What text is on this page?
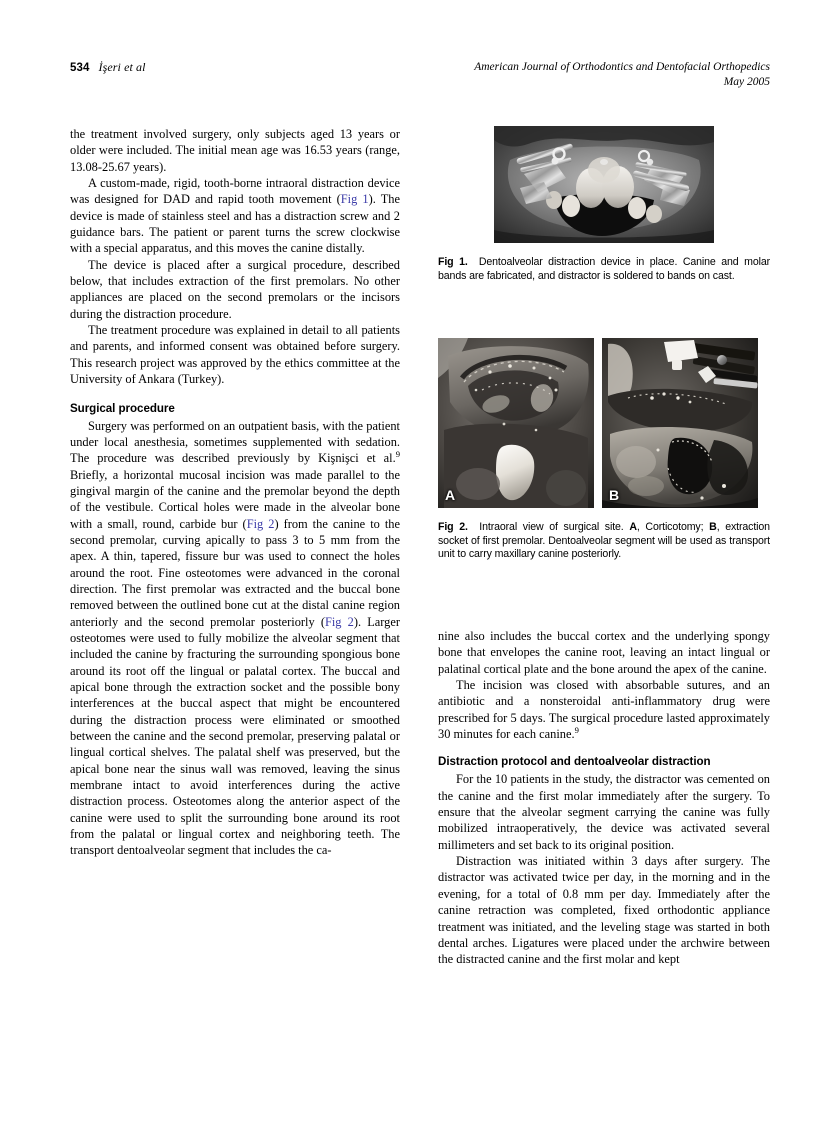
534 İşeri et al	American Journal of Orthodontics and Dentofacial Orthopedics
May 2005

the treatment involved surgery, only subjects aged 13 years or older were included. The initial mean age was 16.53 years (range, 13.08-25.67 years).

A custom-made, rigid, tooth-borne intraoral distraction device was designed for DAD and rapid tooth movement (Fig 1). The device is made of stainless steel and has a distraction screw and 2 guidance bars. The patient or parent turns the screw clockwise with a special apparatus, and this moves the canine distally.

The device is placed after a surgical procedure, described below, that includes extraction of the first premolars. No other appliances are placed on the second premolars or the incisors during the distraction procedure.

The treatment procedure was explained in detail to all patients and parents, and informed consent was obtained before surgery. This research project was approved by the ethics committee at the University of Ankara (Turkey).

Surgical procedure

Surgery was performed on an outpatient basis, with the patient under local anesthesia, sometimes supplemented with sedation. The procedure was described previously by Kişnişci et al.$^9$ Briefly, a horizontal mucosal incision was made parallel to the gingival margin of the canine and the premolar beyond the depth of the vestibule. Cortical holes were made in the alveolar bone with a small, round, carbide bur (Fig 2) from the canine to the second premolar, curving apically to pass 3 to 5 mm from the apex. A thin, tapered, fissure bur was used to connect the holes around the root. Fine osteotomes were advanced in the coronal direction. The first premolar was extracted and the buccal bone removed between the outlined bone cut at the distal canine region anteriorly and the second premolar posteriorly (Fig 2). Larger osteotomes were used to fully mobilize the alveolar segment that included the canine by fracturing the surrounding spongious bone around its root off the lingual or palatal cortex. The buccal and apical bone through the extraction socket and the possible bony interferences at the buccal aspect that might be encountered during the distraction process were eliminated or smoothed between the canine and the second premolar, preserving palatal or lingual cortical shelves. The palatal shelf was preserved, but the apical bone near the sinus wall was removed, leaving the sinus membrane intact to avoid interferences during the active distraction process. Osteotomes along the anterior aspect of the canine were used to split the surrounding bone around its root from the palatal or lingual cortex and neighboring teeth. The transport dentoalveolar segment that includes the ca-

Fig 1. Dentoalveolar distraction device in place. Canine and molar bands are fabricated, and distractor is soldered to bands on cast.
A	B
Fig 2. Intraoral view of surgical site. A, Corticotomy; B, extraction socket of first premolar. Dentoalveolar segment will be used as transport unit to carry maxillary canine posteriorly.

nine also includes the buccal cortex and the underlying spongy bone that envelopes the canine root, leaving an intact lingual or palatinal cortical plate and the bone around the apex of the canine.

The incision was closed with absorbable sutures, and an antibiotic and a nonsteroidal anti-inflammatory drug were prescribed for 5 days. The surgical procedure lasted approximately 30 minutes for each canine.$^9$

Distraction protocol and dentoalveolar distraction

For the 10 patients in the study, the distractor was cemented on the canine and the first molar immediately after the surgery. To ensure that the alveolar segment carrying the canine was fully mobilized intraoperatively, the device was activated several millimeters and set back to its original position.

Distraction was initiated within 3 days after surgery. The distractor was activated twice per day, in the morning and in the evening, for a total of 0.8 mm per day. Immediately after the canine retraction was completed, fixed orthodontic appliance treatment was initiated, and the leveling stage was started in both dental arches. Ligatures were placed under the archwire between the distracted canine and the first molar and kept
